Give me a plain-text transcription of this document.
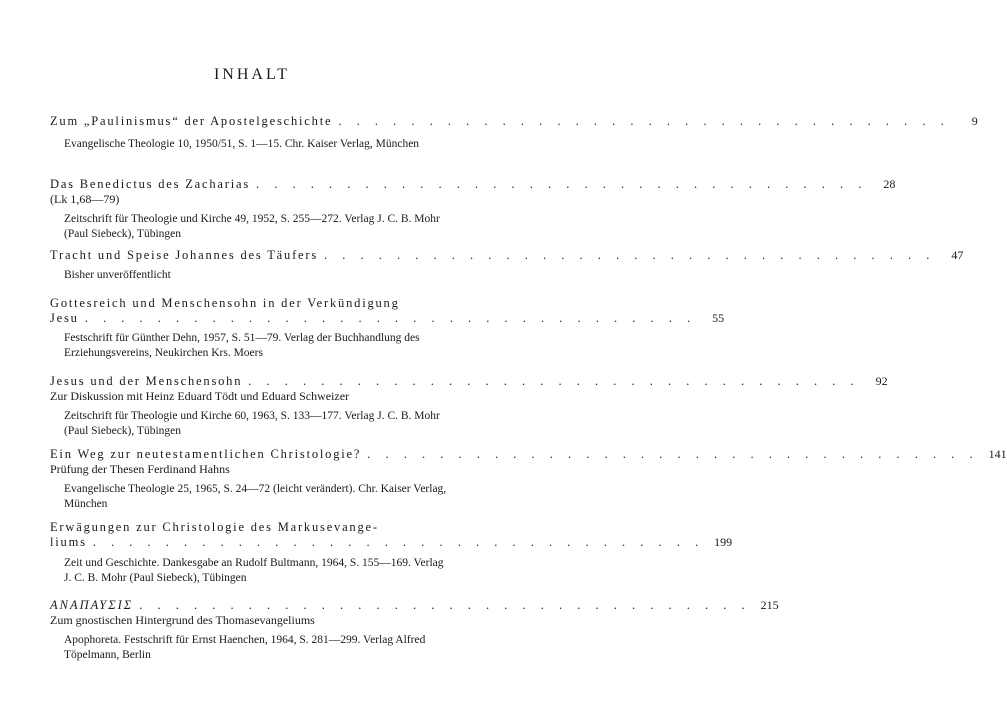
INHALT
Zum „Paulinismus“ der Apostelgeschichte . . . . . . . . . . . . . . . . . . . . . . . . . . . . . . . . . .	9
Evangelische Theologie 10, 1950/51, S. 1—15. Chr. Kaiser Verlag, München
Das Benedictus des Zacharias . . . . . . . . . . . . . . . . . . . . . . . . . . . . . . . . . .	28
(Lk 1,68—79)
Zeitschrift für Theologie und Kirche 49, 1952, S. 255—272. Verlag J. C. B. Mohr (Paul Siebeck), Tübingen
Tracht und Speise Johannes des Täufers . . . . . . . . . . . . . . . . . . . . . . . . . . . . . . . . . .	47
Bisher unveröffentlicht
Gottesreich und Menschensohn in der Verkündigung
Jesu . . . . . . . . . . . . . . . . . . . . . . . . . . . . . . . . . .	55
Festschrift für Günther Dehn, 1957, S. 51—79. Verlag der Buchhandlung des Erziehungsvereins, Neukirchen Krs. Moers
Jesus und der Menschensohn . . . . . . . . . . . . . . . . . . . . . . . . . . . . . . . . . .	92
Zur Diskussion mit Heinz Eduard Tödt und Eduard Schweizer
Zeitschrift für Theologie und Kirche 60, 1963, S. 133—177. Verlag J. C. B. Mohr (Paul Siebeck), Tübingen
Ein Weg zur neutestamentlichen Christologie? . . . . . . . . . . . . . . . . . . . . . . . . . . . . . . . . . . 141
Prüfung der Thesen Ferdinand Hahns
Evangelische Theologie 25, 1965, S. 24—72 (leicht verändert). Chr. Kaiser Verlag, München
Erwägungen zur Christologie des Markusevange-
liums . . . . . . . . . . . . . . . . . . . . . . . . . . . . . . . . . . 199
Zeit und Geschichte. Dankesgabe an Rudolf Bultmann, 1964, S. 155—169. Verlag J. C. B. Mohr (Paul Siebeck), Tübingen
ΑΝΑΠΑΥΣΙΣ . . . . . . . . . . . . . . . . . . . . . . . . . . . . . . . . . . 215
Zum gnostischen Hintergrund des Thomasevangeliums
Apophoreta. Festschrift für Ernst Haenchen, 1964, S. 281—299. Verlag Alfred Töpelmann, Berlin
